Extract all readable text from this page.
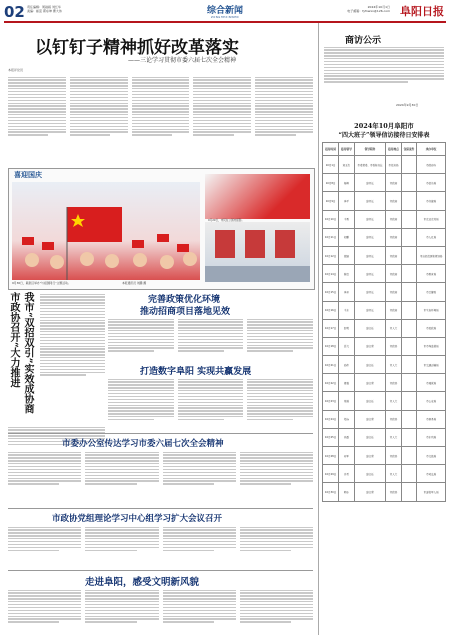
02 责任编辑：周淑娟 刘红华
美编：崔蕊 郭东坤 曹大伟	综合新闻
ZONGHEXINWEN
2024年10月1日
电子邮箱：fyfxwxx@126.com 阜阳日报
以钉钉子精神抓好改革落实
——三论学习贯彻市委六届七次全会精神
本报评论员
商访公示
2024年9月30日
2024年10月阜阳市
“四大班子”领导信访接待日安排表
接待时间	接待领导	领导职务	接待地点	包保案件	承办单位
10月1日	刘玉杰	市委常委、市委秘书长	市信访局		市政府办
10月8日	杨辉	副市长	市政府		市信访局
10月9日	李平	副市长	市政府		市住建局
10月10日	王勇	副市长	市政府		市农业农村局
10月11日	刘鹏	副市长	市政府		市人社局
10月12日	张继	副市长	市政府		市自然资源和规划局
10月14日	陈启	副市长	市政府		市教育局
10月15日	李芳	副市长	市政府		市卫健委
10月16日	王东	副市长	市政府		市生态环境局
10月17日	赵明	副主任	市人大		市民政局
10月18日	高飞	副主席	市政协		市市场监管局
10月21日	孙伟	副主任	市人大		市交通运输局
10月22日	周强	副主席	市政协		市城管局
10月23日	吴刚	副主任	市人大		市公安局
10月24日	郑涛	副主席	市政协		市商务局
10月25日	冯磊	副主任	市人大		市水利局
10月28日	何军	副主席	市政协		市文旅局
10月29日	许亮	副主任	市人大		市司法局
10月30日	韩冰	副主席	市政协		市退役军人局
喜迎国庆
9月30日，颍泉区举办“与祖国同行”主题活动。	本报通讯员 刘鹏 摄
9月29日，市民在公园内留影。
我市“双招双引”实效成协商
市政协召开“大力推进	完善政策优化环境
推动招商项目落地见效
打造数字阜阳 实现共赢发展
市委办公室传达学习市委六届七次全会精神
市政协党组理论学习中心组学习扩大会议召开
走进阜阳，感受文明新风貌
